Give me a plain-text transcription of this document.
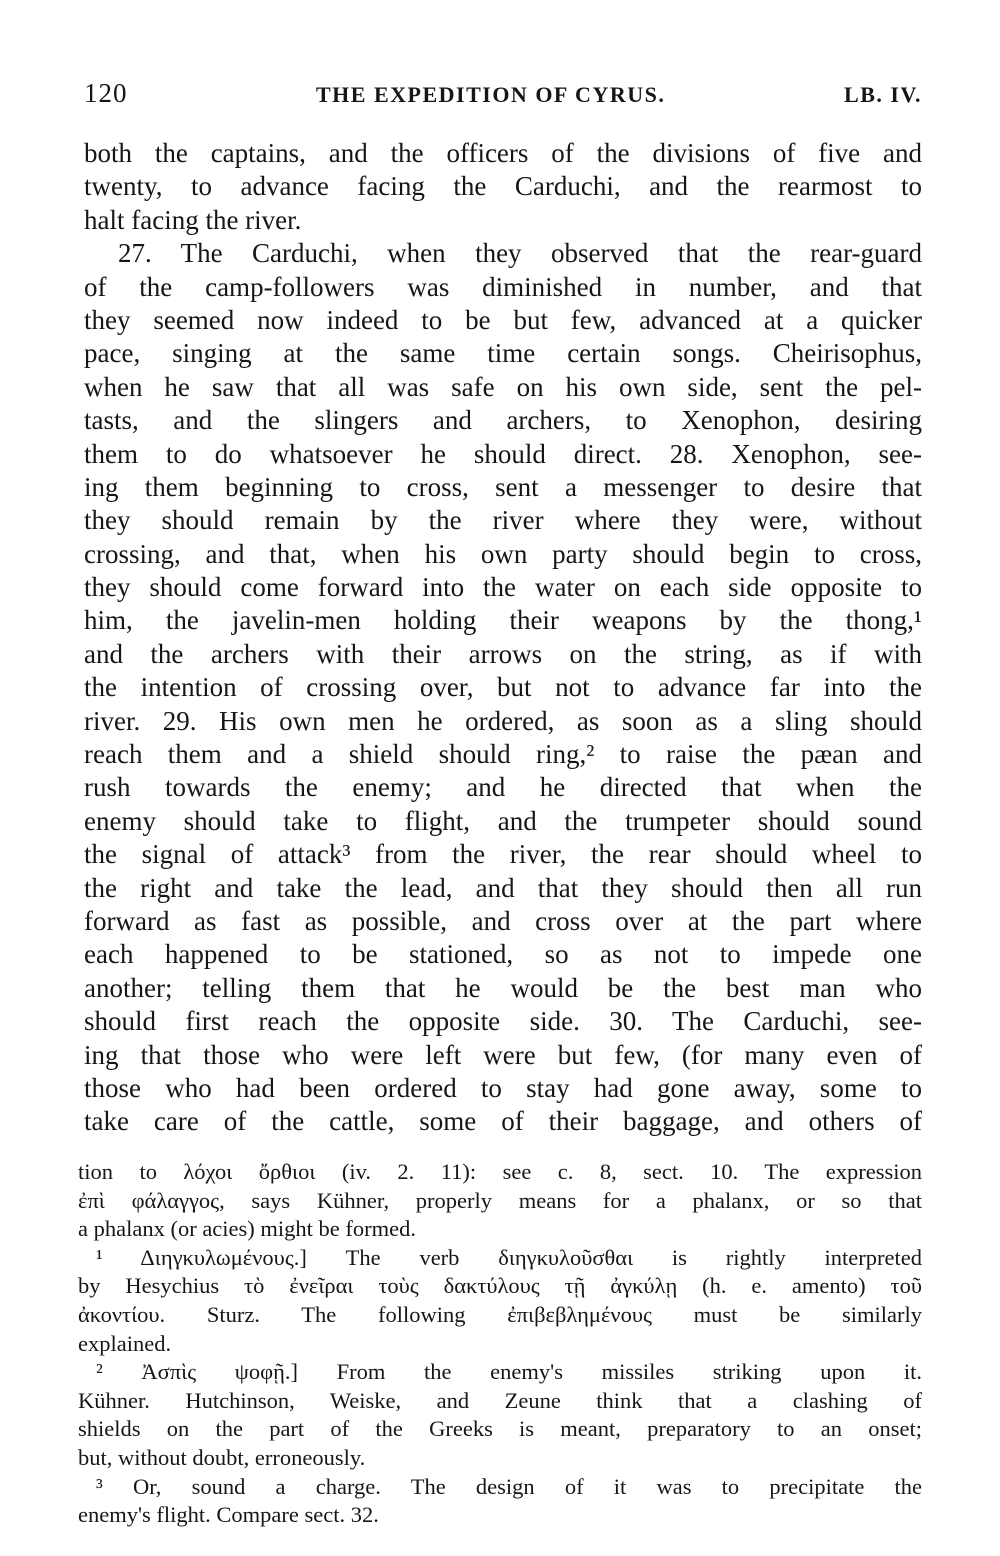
120	THE EXPEDITION OF CYRUS.	LB. IV.
both the captains, and the officers of the divisions of five and
twenty, to advance facing the Carduchi, and the rearmost to
halt facing the river.
27. The Carduchi, when they observed that the rear-guard
of the camp-followers was diminished in number, and that
they seemed now indeed to be but few, advanced at a quicker
pace, singing at the same time certain songs. Cheirisophus,
when he saw that all was safe on his own side, sent the pel-
tasts, and the slingers and archers, to Xenophon, desiring
them to do whatsoever he should direct. 28. Xenophon, see-
ing them beginning to cross, sent a messenger to desire that
they should remain by the river where they were, without
crossing, and that, when his own party should begin to cross,
they should come forward into the water on each side opposite to
him, the javelin-men holding their weapons by the thong,¹
and the archers with their arrows on the string, as if with
the intention of crossing over, but not to advance far into the
river. 29. His own men he ordered, as soon as a sling should
reach them and a shield should ring,² to raise the pæan and
rush towards the enemy; and he directed that when the
enemy should take to flight, and the trumpeter should sound
the signal of attack³ from the river, the rear should wheel to
the right and take the lead, and that they should then all run
forward as fast as possible, and cross over at the part where
each happened to be stationed, so as not to impede one
another; telling them that he would be the best man who
should first reach the opposite side. 30. The Carduchi, see-
ing that those who were left were but few, (for many even of
those who had been ordered to stay had gone away, some to
take care of the cattle, some of their baggage, and others of
tion to λόχοι ὄρθιοι (iv. 2. 11): see c. 8, sect. 10. The expression
ἐπὶ φάλαγγος, says Kühner, properly means for a phalanx, or so that
a phalanx (or acies) might be formed.
¹ Διηγκυλωμένους.] The verb διηγκυλοῦσθαι is rightly interpreted
by Hesychius τὸ ἐνεῖραι τοὺς δακτύλους τῇ ἀγκύλῃ (h. e. amento) τοῦ
ἀκοντίου. Sturz. The following ἐπιβεβλημένους must be similarly
explained.
² Ἀσπὶς ψοφῇ.] From the enemy's missiles striking upon it.
Kühner. Hutchinson, Weiske, and Zeune think that a clashing of
shields on the part of the Greeks is meant, preparatory to an onset;
but, without doubt, erroneously.
³ Or, sound a charge. The design of it was to precipitate the
enemy's flight. Compare sect. 32.
